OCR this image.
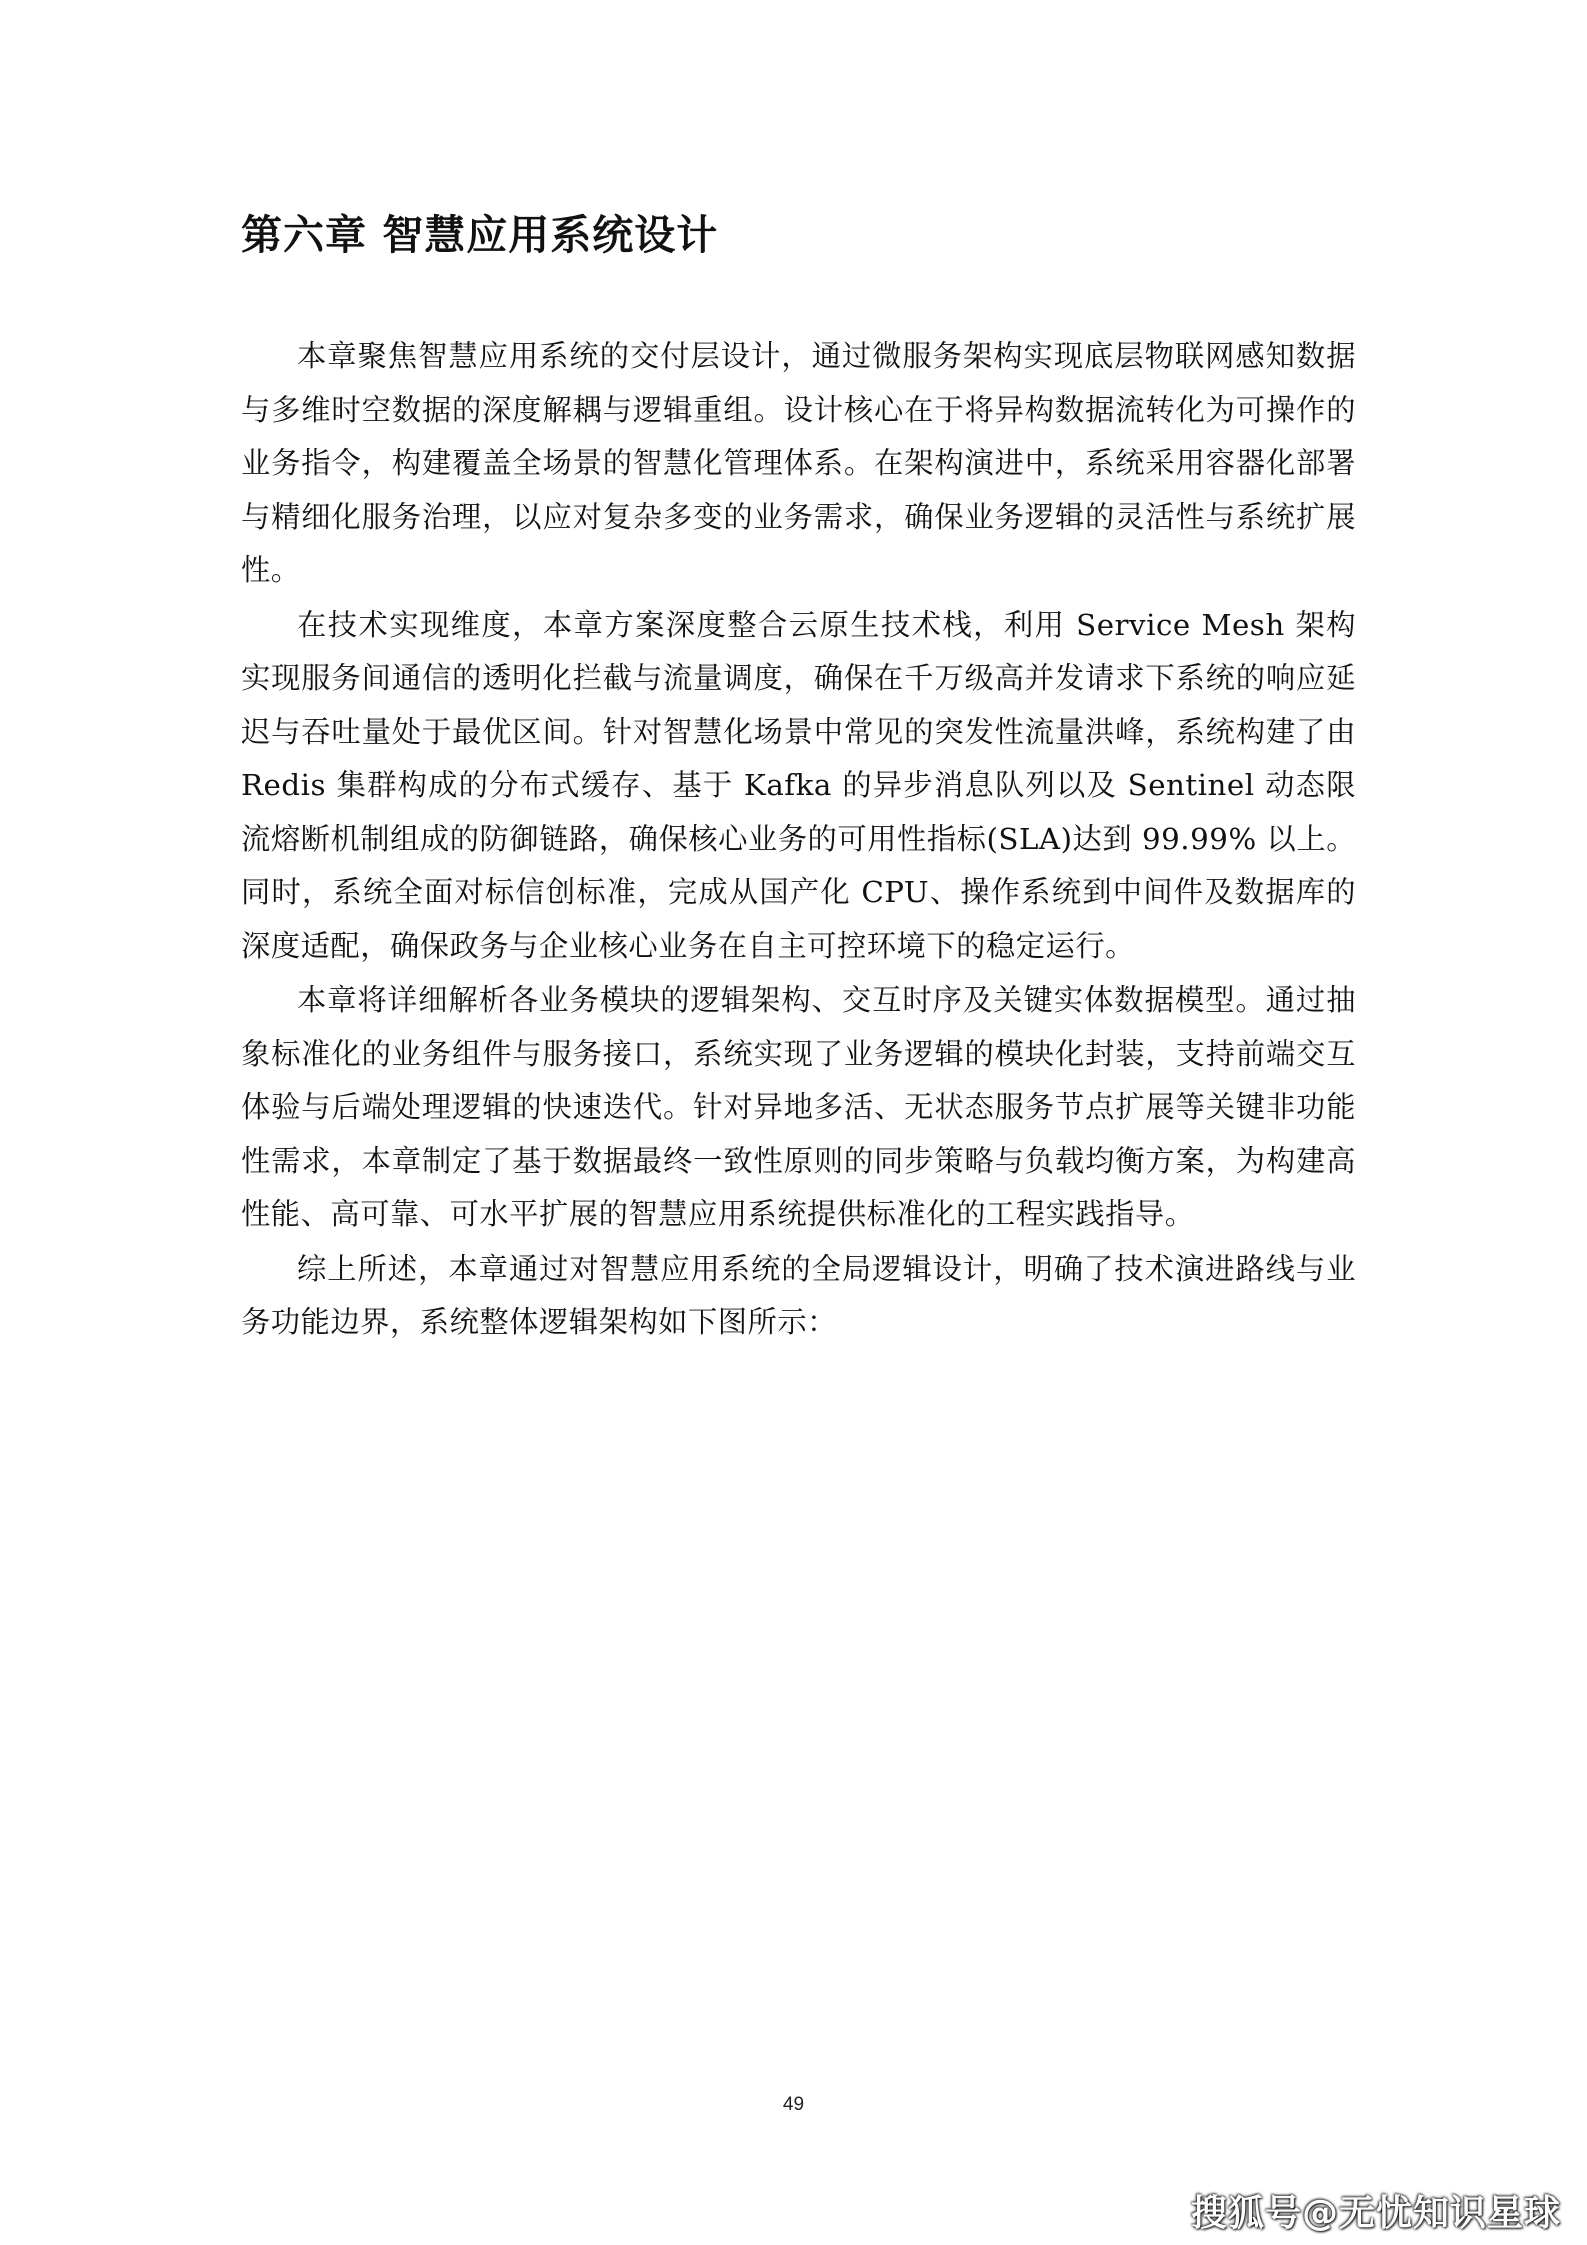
第六章 智慧应用系统设计

本章聚焦智慧应用系统的交付层设计，通过微服务架构实现底层物联网感知数据与多维时空数据的深度解耦与逻辑重组。设计核心在于将异构数据流转化为可操作的业务指令，构建覆盖全场景的智慧化管理体系。在架构演进中，系统采用容器化部署与精细化服务治理，以应对复杂多变的业务需求，确保业务逻辑的灵活性与系统扩展性。

在技术实现维度，本章方案深度整合云原生技术栈，利用 Service Mesh 架构实现服务间通信的透明化拦截与流量调度，确保在千万级高并发请求下系统的响应延迟与吞吐量处于最优区间。针对智慧化场景中常见的突发性流量洪峰，系统构建了由 Redis 集群构成的分布式缓存、基于 Kafka 的异步消息队列以及 Sentinel 动态限流熔断机制组成的防御链路，确保核心业务的可用性指标(SLA)达到 99.99% 以上。同时，系统全面对标信创标准，完成从国产化 CPU、操作系统到中间件及数据库的深度适配，确保政务与企业核心业务在自主可控环境下的稳定运行。

本章将详细解析各业务模块的逻辑架构、交互时序及关键实体数据模型。通过抽象标准化的业务组件与服务接口，系统实现了业务逻辑的模块化封装，支持前端交互体验与后端处理逻辑的快速迭代。针对异地多活、无状态服务节点扩展等关键非功能性需求，本章制定了基于数据最终一致性原则的同步策略与负载均衡方案，为构建高性能、高可靠、可水平扩展的智慧应用系统提供标准化的工程实践指导。

综上所述，本章通过对智慧应用系统的全局逻辑设计，明确了技术演进路线与业务功能边界，系统整体逻辑架构如下图所示：

49
搜狐号@无忧知识星球
